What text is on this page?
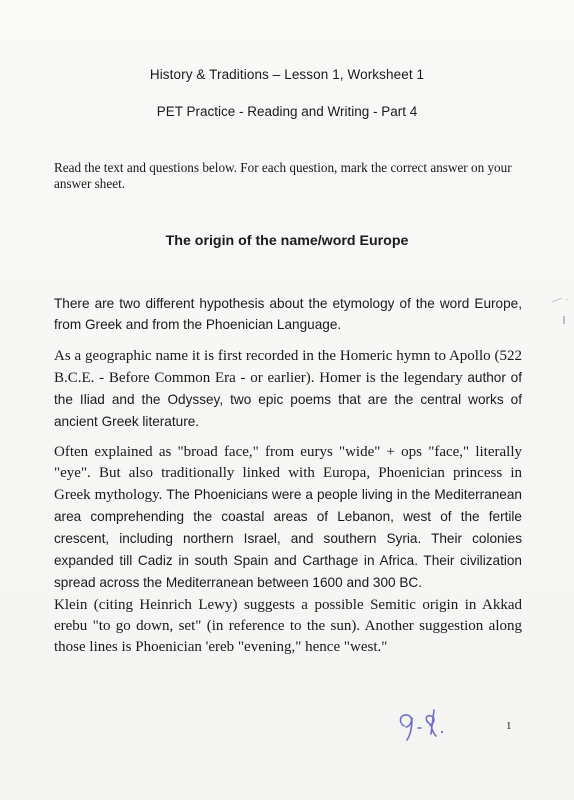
History & Traditions – Lesson 1, Worksheet 1
PET Practice - Reading and Writing - Part 4
Read the text and questions below. For each question, mark the correct answer on your answer sheet.
The origin of the name/word Europe
There are two different hypothesis about the etymology of the word Europe, from Greek and from the Phoenician Language.
As a geographic name it is first recorded in the Homeric hymn to Apollo (522 B.C.E. - Before Common Era - or earlier). Homer is the legendary author of the Iliad and the Odyssey, two epic poems that are the central works of ancient Greek literature.
Often explained as "broad face," from eurys "wide" + ops "face," literally "eye". But also traditionally linked with Europa, Phoenician princess in Greek mythology. The Phoenicians were a people living in the Mediterranean area comprehending the coastal areas of Lebanon, west of the fertile crescent, including northern Israel, and southern Syria. Their colonies expanded till Cadiz in south Spain and Carthage in Africa. Their civilization spread across the Mediterranean between 1600 and 300 BC.
Klein (citing Heinrich Lewy) suggests a possible Semitic origin in Akkad erebu "to go down, set" (in reference to the sun). Another suggestion along those lines is Phoenician 'ereb "evening," hence "west."
1
